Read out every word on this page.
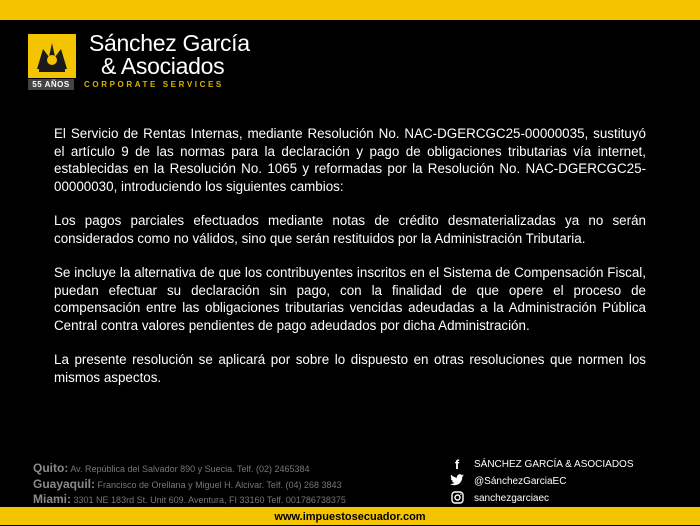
55 AÑOS
Sánchez García
& Asociados
CORPORATE SERVICES

El Servicio de Rentas Internas, mediante Resolución No. NAC-DGERCGC25-00000035, sustituyó el artículo 9 de las normas para la declaración y pago de obligaciones tributarias vía internet, establecidas en la Resolución No. 1065 y reformadas por la Resolución No. NAC-DGERCGC25-00000030, introduciendo los siguientes cambios:

Los pagos parciales efectuados mediante notas de crédito desmaterializadas ya no serán considerados como no válidos, sino que serán restituidos por la Administración Tributaria.

Se incluye la alternativa de que los contribuyentes inscritos en el Sistema de Compensación Fiscal, puedan efectuar su declaración sin pago, con la finalidad de que opere el proceso de compensación entre las obligaciones tributarias vencidas adeudadas a la Administración Pública Central contra valores pendientes de pago adeudados por dicha Administración.

La presente resolución se aplicará por sobre lo dispuesto en otras resoluciones que normen los mismos aspectos.

Quito: Av. República del Salvador 890 y Suecia. Telf. (02) 2465384
Guayaquil: Francisco de Orellana y Miguel H. Alcivar. Telf. (04) 268 3843
Miami: 3301 NE 183rd St. Unit 609. Aventura, FI 33160 Telf. 001786738375
f	SÁNCHEZ GARCÍA & ASOCIADOS
@SánchezGarciaEC
sanchezgarciaec
www.impuestosecuador.com
